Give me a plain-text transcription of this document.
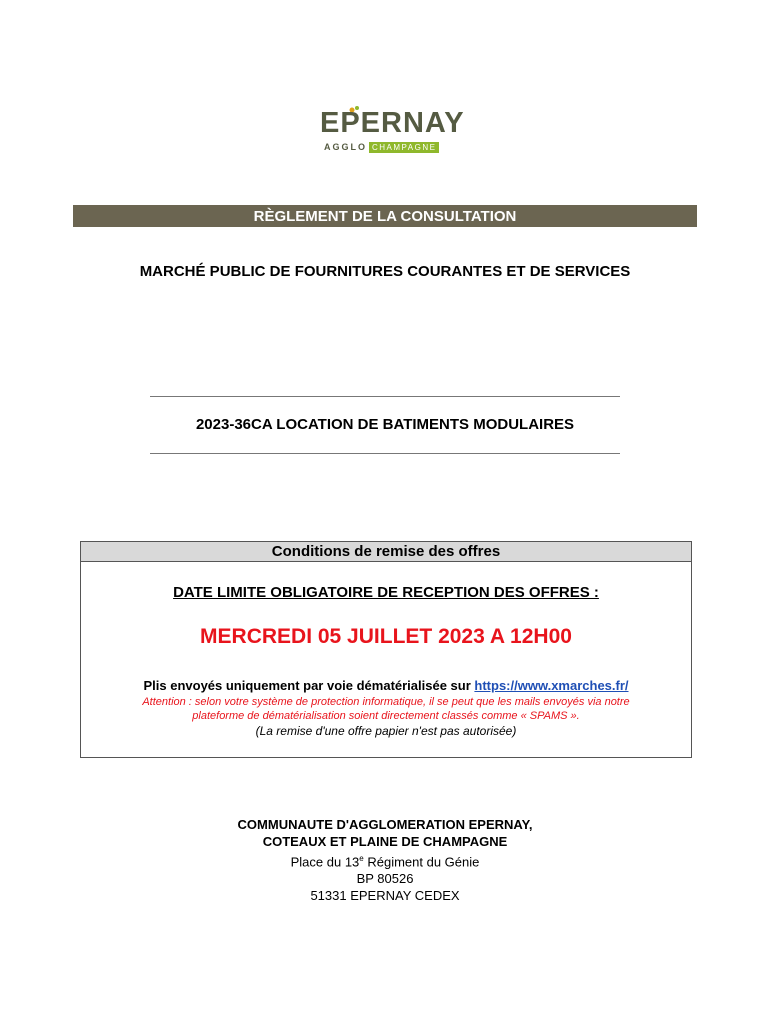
EPERNAY
AGGLO CHAMPAGNE
RÈGLEMENT DE LA CONSULTATION
MARCHÉ PUBLIC DE FOURNITURES COURANTES ET DE SERVICES
2023-36CA LOCATION DE BATIMENTS MODULAIRES
Conditions de remise des offres
DATE LIMITE OBLIGATOIRE DE RECEPTION DES OFFRES :
MERCREDI 05 JUILLET 2023 A 12H00
Plis envoyés uniquement par voie dématérialisée sur https://www.xmarches.fr/
Attention : selon votre système de protection informatique, il se peut que les mails envoyés via notre
plateforme de dématérialisation soient directement classés comme « SPAMS ».
(La remise d'une offre papier n'est pas autorisée)
COMMUNAUTE D'AGGLOMERATION EPERNAY,
COTEAUX ET PLAINE DE CHAMPAGNE
Place du 13e Régiment du Génie
BP 80526
51331 EPERNAY CEDEX
